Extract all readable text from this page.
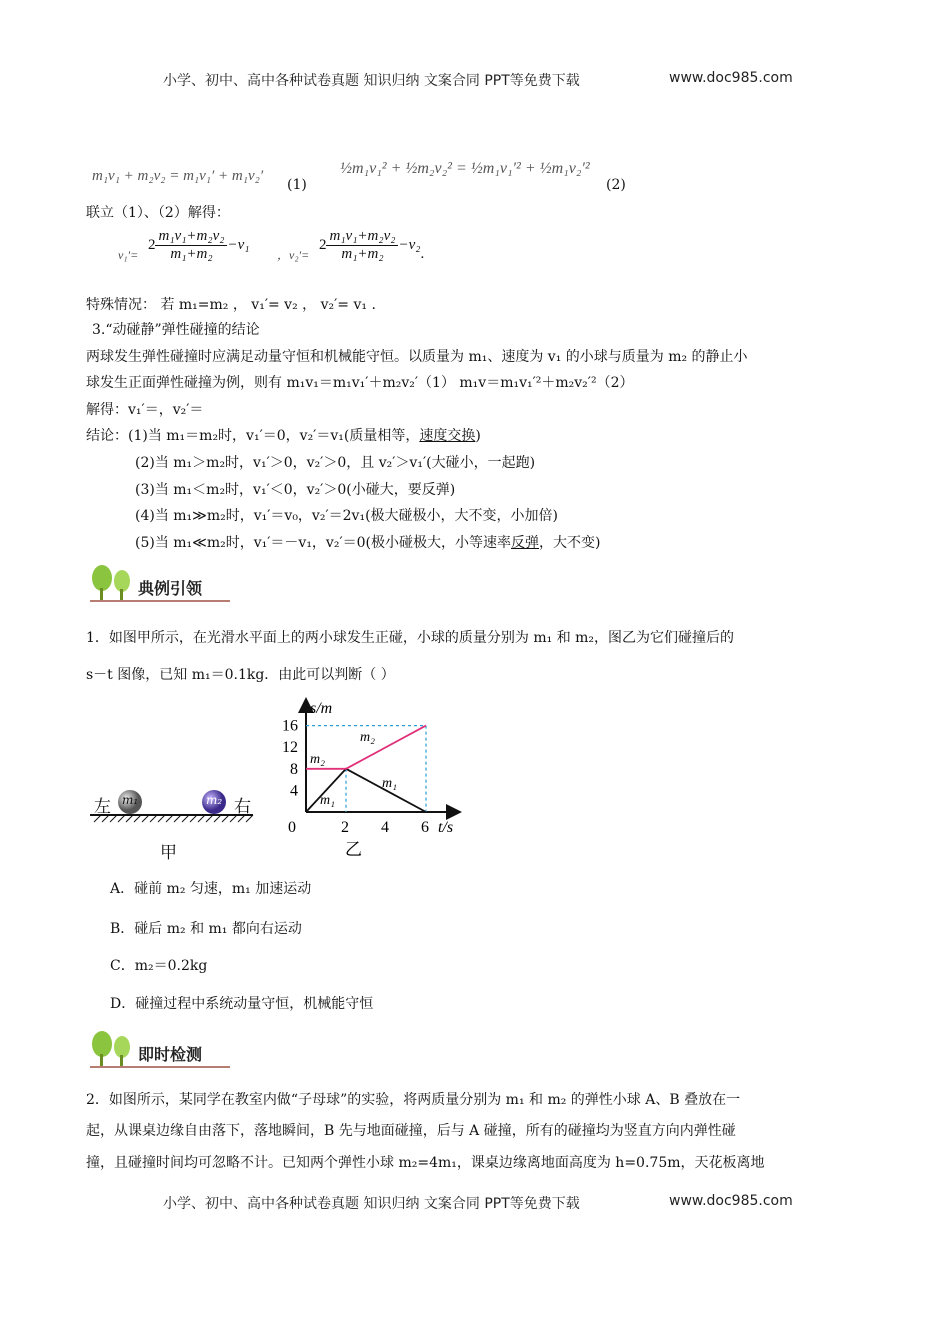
小学、初中、高中各种试卷真题 知识归纳 文案合同 PPT等免费下载	www.doc985.com
m₁v₁ + m₂v₂ = m₁v₁′ + m₁v₂′
(1)
½m₁v₁² + ½m₂v₂² = ½m₁v₁′² + ½m₁v₂′²
(2)
联立（1）、（2）解得：
$v_1'= 2 \frac{\text{m₁v₁+m₂v₂}}{\text{m₁+m₂}} -v_1$
，$v_2'= 2 \frac{\text{m₁v₁+m₂v₂}}{\text{m₁+m₂}} -v_2$.
特殊情况： 若 m₁=m₂ ， v₁′= v₂ ， v₂′= v₁ .
3.“动碰静”弹性碰撞的结论
两球发生弹性碰撞时应满足动量守恒和机械能守恒。以质量为 m₁、速度为 v₁ 的小球与质量为 m₂ 的静止小
球发生正面弹性碰撞为例，则有 m₁v₁＝m₁v₁′＋m₂v₂′（1） m₁v＝m₁v₁′²＋m₂v₂′²（2）
解得：v₁′＝，v₂′＝
结论：(1)当 m₁＝m₂时，v₁′＝0，v₂′＝v₁(质量相等，速度交换)
(2)当 m₁＞m₂时，v₁′＞0，v₂′＞0，且 v₂′＞v₁′(大碰小，一起跑)
(3)当 m₁＜m₂时，v₁′＜0，v₂′＞0(小碰大，要反弹)
(4)当 m₁≫m₂时，v₁′＝v₀，v₂′＝2v₁(极大碰极小，大不变，小加倍)
(5)当 m₁≪m₂时，v₁′＝－v₁，v₂′＝0(极小碰极大，小等速率反弹，大不变)
典例引领
1．如图甲所示，在光滑水平面上的两小球发生正碰，小球的质量分别为 m₁ 和 m₂，图乙为它们碰撞后的
s－t 图像，已知 m₁＝0.1kg．由此可以判断（ ）
左 m₁	m₂ 右
甲
0	2 4 6
4
8
12
16
t/s
s/m
m₂
m₂
m₁
m₁
乙
A．碰前 m₂ 匀速，m₁ 加速运动
B．碰后 m₂ 和 m₁ 都向右运动
C．m₂＝0.2kg
D．碰撞过程中系统动量守恒，机械能守恒
即时检测
2．如图所示，某同学在教室内做“子母球”的实验，将两质量分别为 m₁ 和 m₂ 的弹性小球 A、B 叠放在一
起，从课桌边缘自由落下，落地瞬间，B 先与地面碰撞，后与 A 碰撞，所有的碰撞均为竖直方向内弹性碰
撞，且碰撞时间均可忽略不计。已知两个弹性小球 m₂=4m₁，课桌边缘离地面高度为 h=0.75m，天花板离地
小学、初中、高中各种试卷真题 知识归纳 文案合同 PPT等免费下载	www.doc985.com
